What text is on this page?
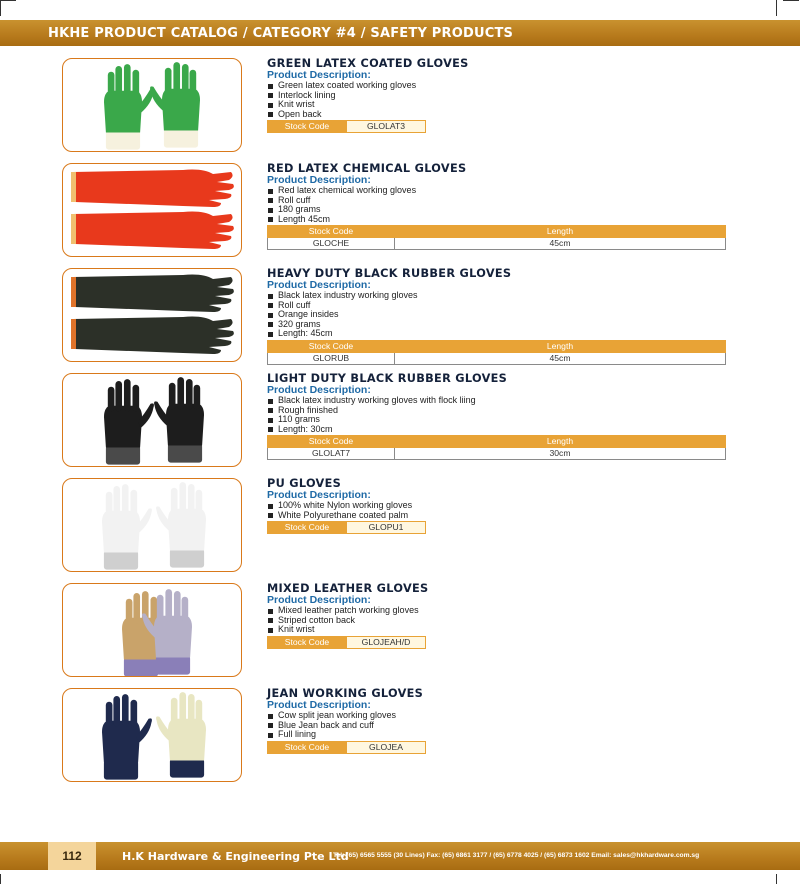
HKHE PRODUCT CATALOG / CATEGORY #4 / SAFETY PRODUCTS
GREEN LATEX COATED GLOVES
Product Description:
Green latex coated working gloves
Interlock lining
Knit wrist
Open back
Stock Code	GLOLAT3
RED LATEX CHEMICAL GLOVES
Product Description:
Red latex chemical working gloves
Roll cuff
180 grams
Length 45cm
Stock Code	Length
GLOCHE	45cm
HEAVY DUTY BLACK RUBBER GLOVES
Product Description:
Black latex industry working gloves
Roll cuff
Orange insides
320 grams
Length: 45cm
Stock Code	Length
GLORUB	45cm
LIGHT DUTY BLACK RUBBER GLOVES
Product Description:
Black latex industry working gloves with flock liing
Rough finished
110 grams
Length: 30cm
Stock Code	Length
GLOLAT7	30cm
PU GLOVES
Product Description:
100% white Nylon working gloves
White Polyurethane coated palm
Stock Code	GLOPU1
MIXED LEATHER GLOVES
Product Description:
Mixed leather patch working gloves
Striped cotton back
Knit wrist
Stock Code	GLOJEAH/D
JEAN WORKING GLOVES
Product Description:
Cow split jean working gloves
Blue Jean back and cuff
Full lining
Stock Code	GLOJEA
112	H.K Hardware & Engineering Pte Ltd
Tel: (65) 6565 5555 (30 Lines) Fax: (65) 6861 3177 / (65) 6778 4025 / (65) 6873 1602 Email: sales@hkhardware.com.sg
